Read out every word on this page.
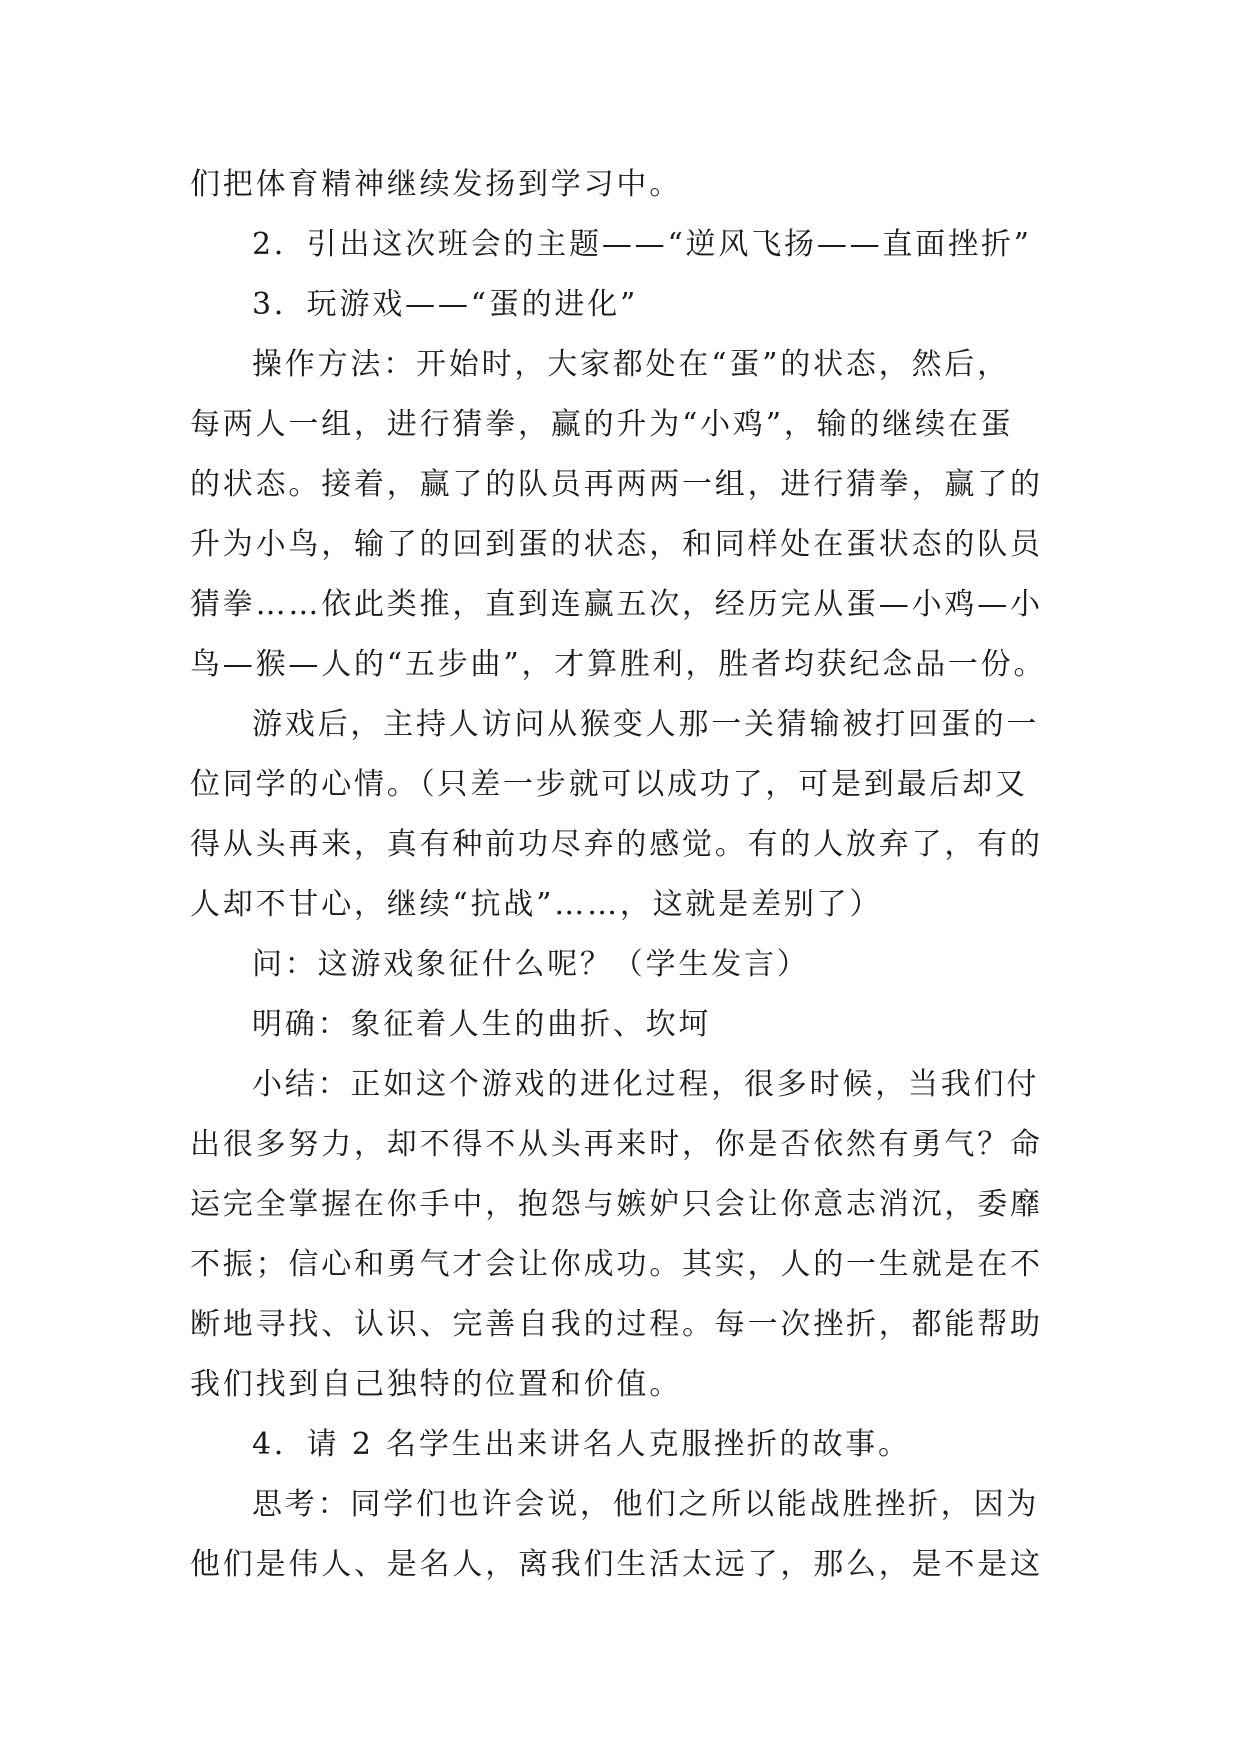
们把体育精神继续发扬到学习中。
2．引出这次班会的主题——“逆风飞扬——直面挫折”
3．玩游戏——“蛋的进化”
操作方法：开始时，大家都处在“蛋”的状态，然后，
每两人一组，进行猜拳，赢的升为“小鸡”，输的继续在蛋
的状态。接着，赢了的队员再两两一组，进行猜拳，赢了的
升为小鸟，输了的回到蛋的状态，和同样处在蛋状态的队员
猜拳……依此类推，直到连赢五次，经历完从蛋—小鸡—小
鸟—猴—人的“五步曲”，才算胜利，胜者均获纪念品一份。
游戏后，主持人访问从猴变人那一关猜输被打回蛋的一
位同学的心情。（只差一步就可以成功了，可是到最后却又
得从头再来，真有种前功尽弃的感觉。有的人放弃了，有的
人却不甘心，继续“抗战”……，这就是差别了）
问：这游戏象征什么呢？（学生发言）
明确：象征着人生的曲折、坎坷
小结：正如这个游戏的进化过程，很多时候，当我们付
出很多努力，却不得不从头再来时，你是否依然有勇气？命
运完全掌握在你手中，抱怨与嫉妒只会让你意志消沉，委靡
不振；信心和勇气才会让你成功。其实，人的一生就是在不
断地寻找、认识、完善自我的过程。每一次挫折，都能帮助
我们找到自己独特的位置和价值。
4．请 2 名学生出来讲名人克服挫折的故事。
思考：同学们也许会说，他们之所以能战胜挫折，因为
他们是伟人、是名人，离我们生活太远了，那么，是不是这
